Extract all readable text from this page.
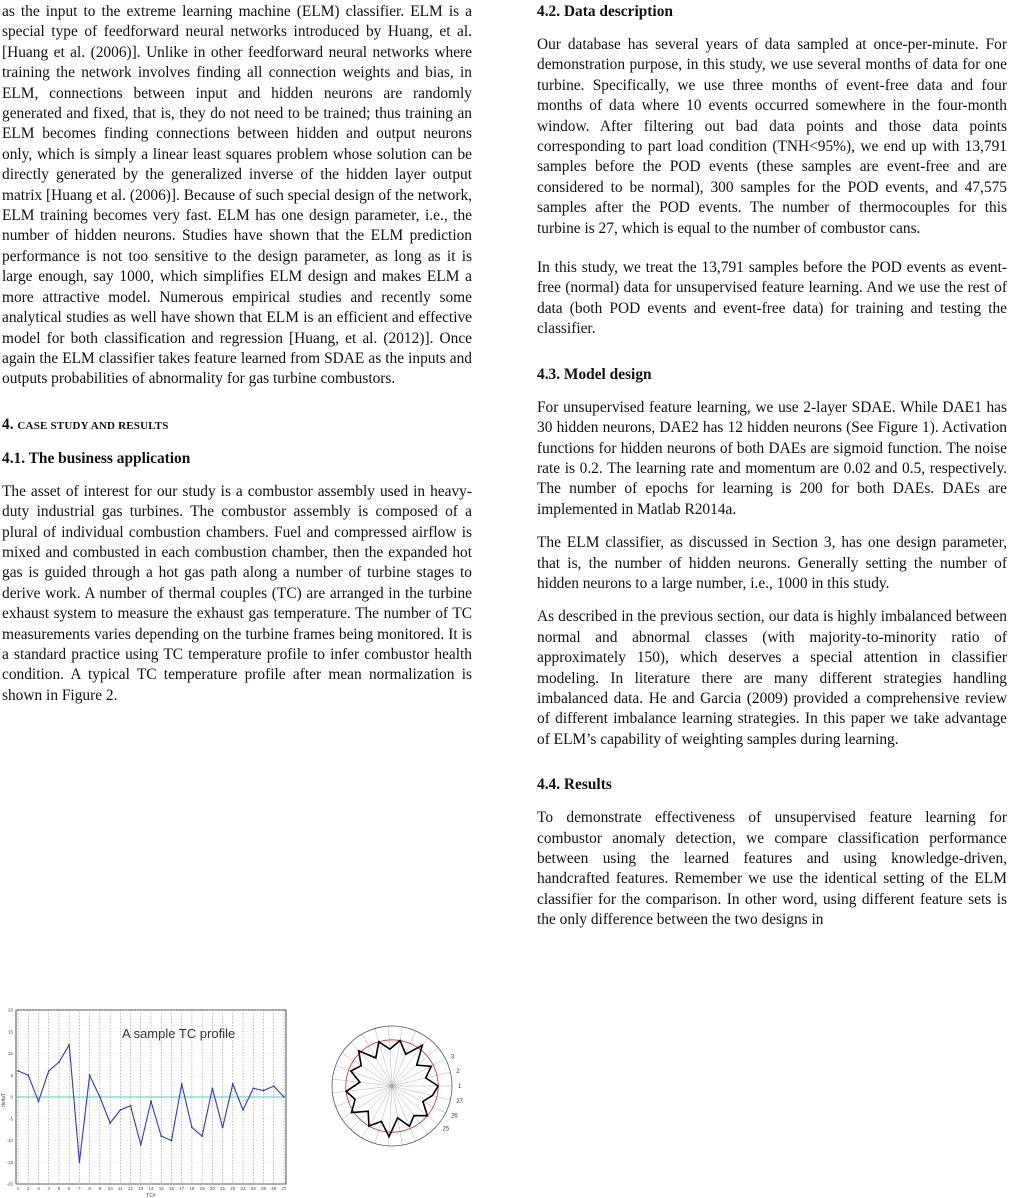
as the input to the extreme learning machine (ELM) classifier. ELM is a special type of feedforward neural networks introduced by Huang, et al. [Huang et al. (2006)]. Unlike in other feedforward neural networks where training the network involves finding all connection weights and bias, in ELM, connections between input and hidden neurons are randomly generated and fixed, that is, they do not need to be trained; thus training an ELM becomes finding connections between hidden and output neurons only, which is simply a linear least squares problem whose solution can be directly generated by the generalized inverse of the hidden layer output matrix [Huang et al. (2006)]. Because of such special design of the network, ELM training becomes very fast. ELM has one design parameter, i.e., the number of hidden neurons. Studies have shown that the ELM prediction performance is not too sensitive to the design parameter, as long as it is large enough, say 1000, which simplifies ELM design and makes ELM a more attractive model. Numerous empirical studies and recently some analytical studies as well have shown that ELM is an efficient and effective model for both classification and regression [Huang, et al. (2012)]. Once again the ELM classifier takes feature learned from SDAE as the inputs and outputs probabilities of abnormality for gas turbine combustors.

4. CASE STUDY AND RESULTS
4.1. The business application

The asset of interest for our study is a combustor assembly used in heavy-duty industrial gas turbines. The combustor assembly is composed of a plural of individual combustion chambers. Fuel and compressed airflow is mixed and combusted in each combustion chamber, then the expanded hot gas is guided through a hot gas path along a number of turbine stages to derive work. A number of thermal couples (TC) are arranged in the turbine exhaust system to measure the exhaust gas temperature. The number of TC measurements varies depending on the turbine frames being monitored. It is a standard practice using TC temperature profile to infer combustor health condition. A typical TC temperature profile after mean normalization is shown in Figure 2.

4.2. Data description

Our database has several years of data sampled at once-per-minute. For demonstration purpose, in this study, we use several months of data for one turbine. Specifically, we use three months of event-free data and four months of data where 10 events occurred somewhere in the four-month window. After filtering out bad data points and those data points corresponding to part load condition (TNH<95%), we end up with 13,791 samples before the POD events (these samples are event-free and are considered to be normal), 300 samples for the POD events, and 47,575 samples after the POD events. The number of thermocouples for this turbine is 27, which is equal to the number of combustor cans.

In this study, we treat the 13,791 samples before the POD events as event-free (normal) data for unsupervised feature learning. And we use the rest of data (both POD events and event-free data) for training and testing the classifier.

4.3. Model design

For unsupervised feature learning, we use 2-layer SDAE. While DAE1 has 30 hidden neurons, DAE2 has 12 hidden neurons (See Figure 1). Activation functions for hidden neurons of both DAEs are sigmoid function. The noise rate is 0.2. The learning rate and momentum are 0.02 and 0.5, respectively. The number of epochs for learning is 200 for both DAEs. DAEs are implemented in Matlab R2014a.

The ELM classifier, as discussed in Section 3, has one design parameter, that is, the number of hidden neurons. Generally setting the number of hidden neurons to a large number, i.e., 1000 in this study.

As described in the previous section, our data is highly imbalanced between normal and abnormal classes (with majority-to-minority ratio of approximately 150), which deserves a special attention in classifier modeling. In literature there are many different strategies handling imbalanced data. He and Garcia (2009) provided a comprehensive review of different imbalance learning strategies. In this paper we take advantage of ELM’s capability of weighting samples during learning.

4.4. Results

To demonstrate effectiveness of unsupervised feature learning for combustor anomaly detection, we compare classification performance between using the learned features and using knowledge-driven, handcrafted features. Remember we use the identical setting of the ELM classifier for the comparison. In other word, using different feature sets is the only difference between the two designs in

20
15
10
5
0
-5
-10
-15
-20
1 2 3 4 5 6 7 8 9 10 11 12 13 14 15 16 17 18 19 20 21 22 23 24 25 26 27
A sample TC profile
deltaT
TC#
3
2
1
27
26
25
